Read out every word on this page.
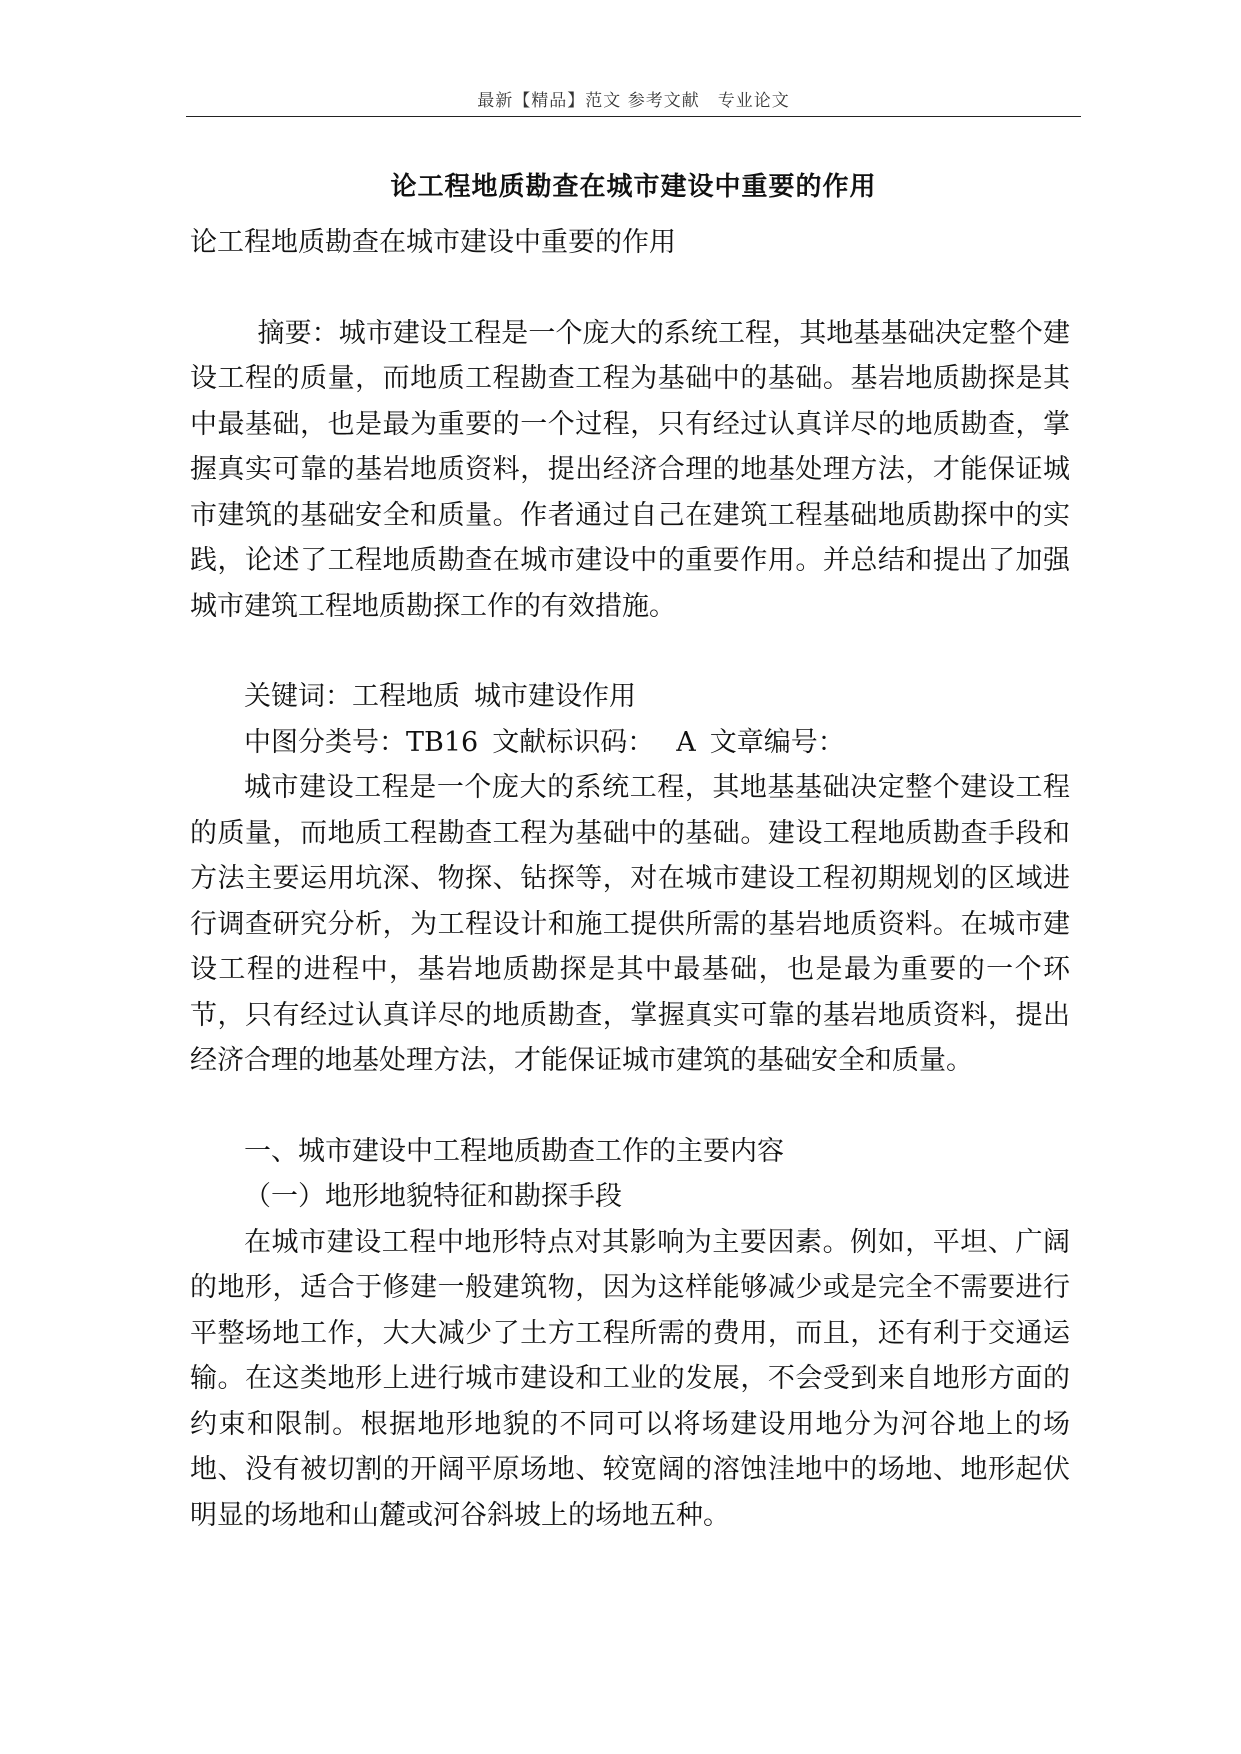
最新【精品】范文 参考文献　专业论文
论工程地质勘查在城市建设中重要的作用

论工程地质勘查在城市建设中重要的作用

摘要：城市建设工程是一个庞大的系统工程，其地基基础决定整个建设工程的质量，而地质工程勘查工程为基础中的基础。基岩地质勘探是其中最基础，也是最为重要的一个过程，只有经过认真详尽的地质勘查，掌握真实可靠的基岩地质资料，提出经济合理的地基处理方法，才能保证城市建筑的基础安全和质量。作者通过自己在建筑工程基础地质勘探中的实践，论述了工程地质勘查在城市建设中的重要作用。并总结和提出了加强城市建筑工程地质勘探工作的有效措施。

关键词：工程地质 城市建设作用

中图分类号：TB16 文献标识码： A 文章编号：

城市建设工程是一个庞大的系统工程，其地基基础决定整个建设工程的质量，而地质工程勘查工程为基础中的基础。建设工程地质勘查手段和方法主要运用坑深、物探、钻探等，对在城市建设工程初期规划的区域进行调查研究分析，为工程设计和施工提供所需的基岩地质资料。在城市建设工程的进程中，基岩地质勘探是其中最基础，也是最为重要的一个环节，只有经过认真详尽的地质勘查，掌握真实可靠的基岩地质资料，提出经济合理的地基处理方法，才能保证城市建筑的基础安全和质量。

一、城市建设中工程地质勘查工作的主要内容

（一）地形地貌特征和勘探手段

在城市建设工程中地形特点对其影响为主要因素。例如，平坦、广阔的地形，适合于修建一般建筑物，因为这样能够减少或是完全不需要进行平整场地工作，大大减少了土方工程所需的费用，而且，还有利于交通运输。在这类地形上进行城市建设和工业的发展，不会受到来自地形方面的约束和限制。根据地形地貌的不同可以将场建设用地分为河谷地上的场地、没有被切割的开阔平原场地、较宽阔的溶蚀洼地中的场地、地形起伏明显的场地和山麓或河谷斜坡上的场地五种。
